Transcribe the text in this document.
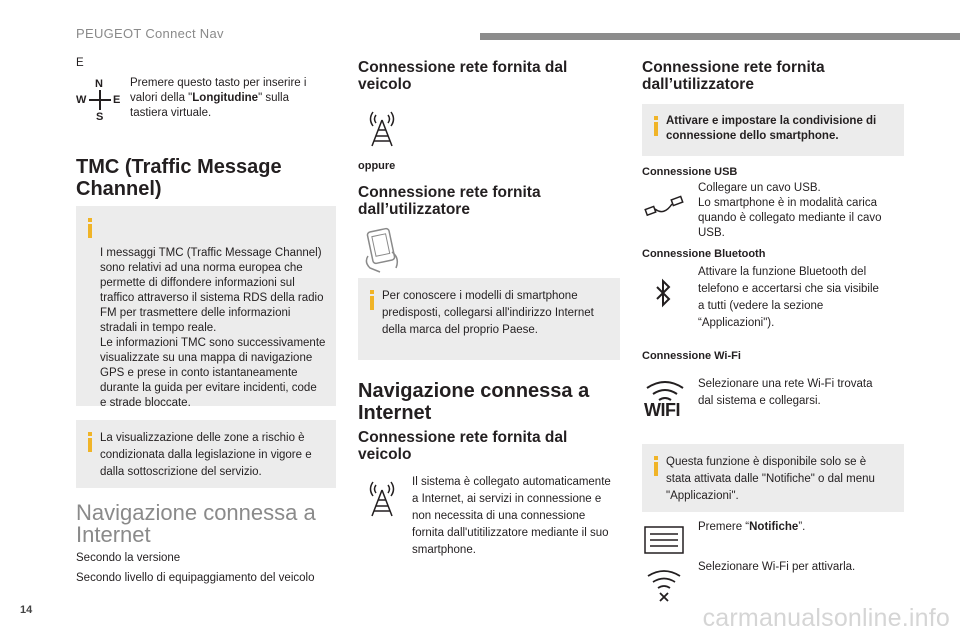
PEUGEOT Connect Nav
E
N
S
W E
Premere questo tasto per inserire i valori della "Longitudine" sulla tastiera virtuale.
TMC (Traffic Message Channel)

I messaggi TMC (Traffic Message Channel) sono relativi ad una norma europea che permette di diffondere informazioni sul traffico attraverso il sistema RDS della radio FM per trasmettere delle informazioni stradali in tempo reale.
Le informazioni TMC sono successivamente visualizzate su una mappa di navigazione GPS e prese in conto istantaneamente durante la guida per evitare incidenti, code e strade bloccate.

La visualizzazione delle zone a rischio è condizionata dalla legislazione in vigore e dalla sottoscrizione del servizio.
Navigazione connessa a Internet
Secondo la versione
Secondo livello di equipaggiamento del veicolo
Connessione rete fornita dal veicolo
oppure
Connessione rete fornita dall’utilizzatore
Per conoscere i modelli di smartphone predisposti, collegarsi all'indirizzo Internet della marca del proprio Paese.
Navigazione connessa a Internet
Connessione rete fornita dal veicolo
Il sistema è collegato automaticamente a Internet, ai servizi in connessione e non necessita di una connessione fornita dall'utitilizzatore mediante il suo smartphone.
Connessione rete fornita dall’utilizzatore
Attivare e impostare la condivisione di connessione dello smartphone.
Connessione USB
Collegare un cavo USB.
Lo smartphone è in modalità carica quando è collegato mediante il cavo USB.
Connessione Bluetooth
Attivare la funzione Bluetooth del telefono e accertarsi che sia visibile a tutti (vedere la sezione “Applicazioni").
Connessione Wi-Fi
WIFI
Selezionare una rete Wi-Fi trovata dal sistema e collegarsi.
Questa funzione è disponibile solo se è stata attivata dalle "Notifiche" o dal menu "Applicazioni".
Premere “Notifiche”.
Selezionare Wi-Fi per attivarla.
14	carmanualsonline.info
